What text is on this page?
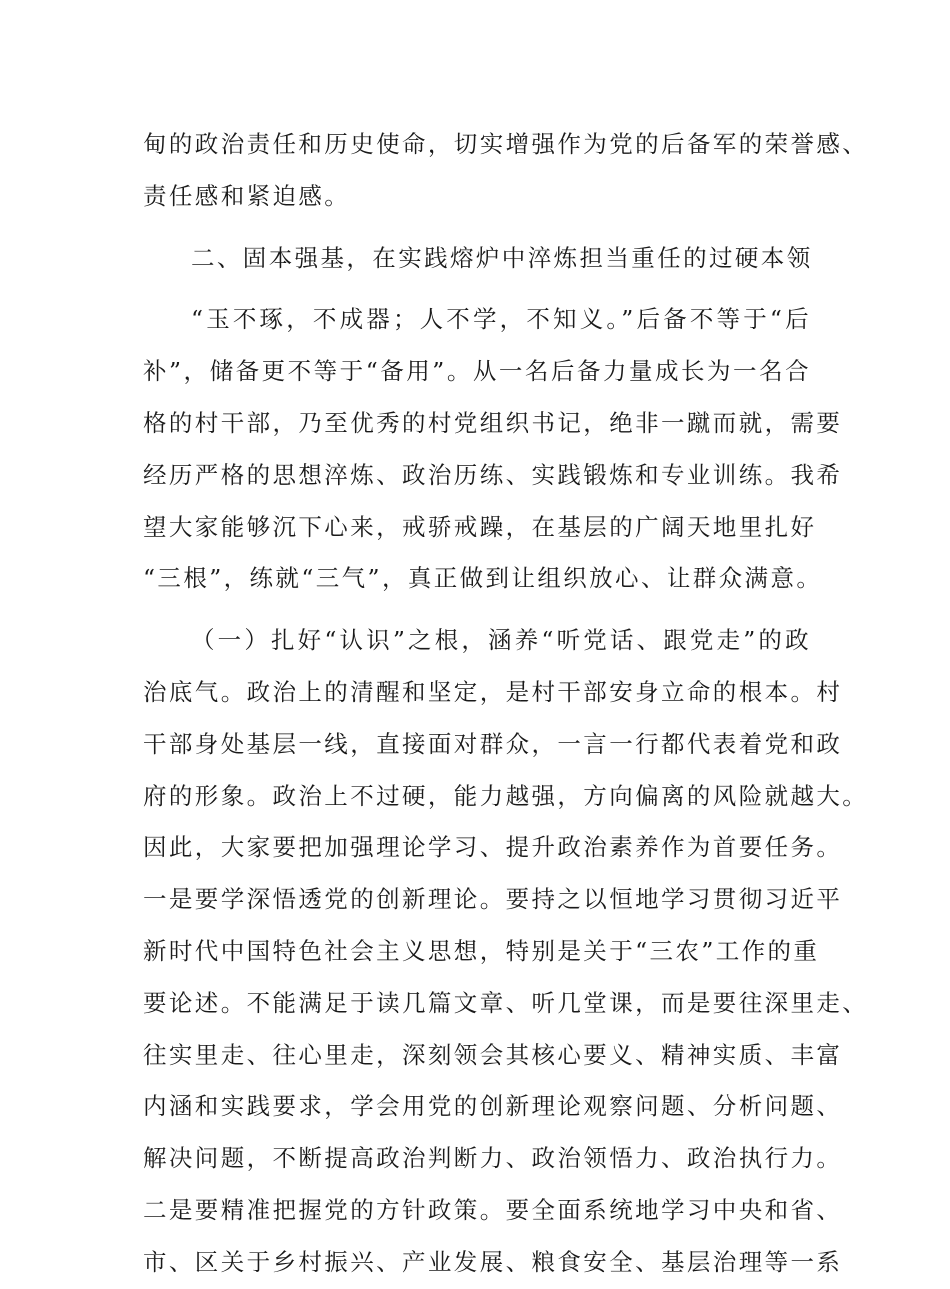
甸的政治责任和历史使命，切实增强作为党的后备军的荣誉感、
责任感和紧迫感。
二、固本强基，在实践熔炉中淬炼担当重任的过硬本领
“玉不琢，不成器；人不学，不知义。”后备不等于“后
补”，储备更不等于“备用”。从一名后备力量成长为一名合
格的村干部，乃至优秀的村党组织书记，绝非一蹴而就，需要
经历严格的思想淬炼、政治历练、实践锻炼和专业训练。我希
望大家能够沉下心来，戒骄戒躁，在基层的广阔天地里扎好
“三根”，练就“三气”，真正做到让组织放心、让群众满意。
（一）扎好“认识”之根，涵养“听党话、跟党走”的政
治底气。政治上的清醒和坚定，是村干部安身立命的根本。村
干部身处基层一线，直接面对群众，一言一行都代表着党和政
府的形象。政治上不过硬，能力越强，方向偏离的风险就越大。
因此，大家要把加强理论学习、提升政治素养作为首要任务。
一是要学深悟透党的创新理论。要持之以恒地学习贯彻习近平
新时代中国特色社会主义思想，特别是关于“三农”工作的重
要论述。不能满足于读几篇文章、听几堂课，而是要往深里走、
往实里走、往心里走，深刻领会其核心要义、精神实质、丰富
内涵和实践要求，学会用党的创新理论观察问题、分析问题、
解决问题，不断提高政治判断力、政治领悟力、政治执行力。
二是要精准把握党的方针政策。要全面系统地学习中央和省、
市、区关于乡村振兴、产业发展、粮食安全、基层治理等一系
